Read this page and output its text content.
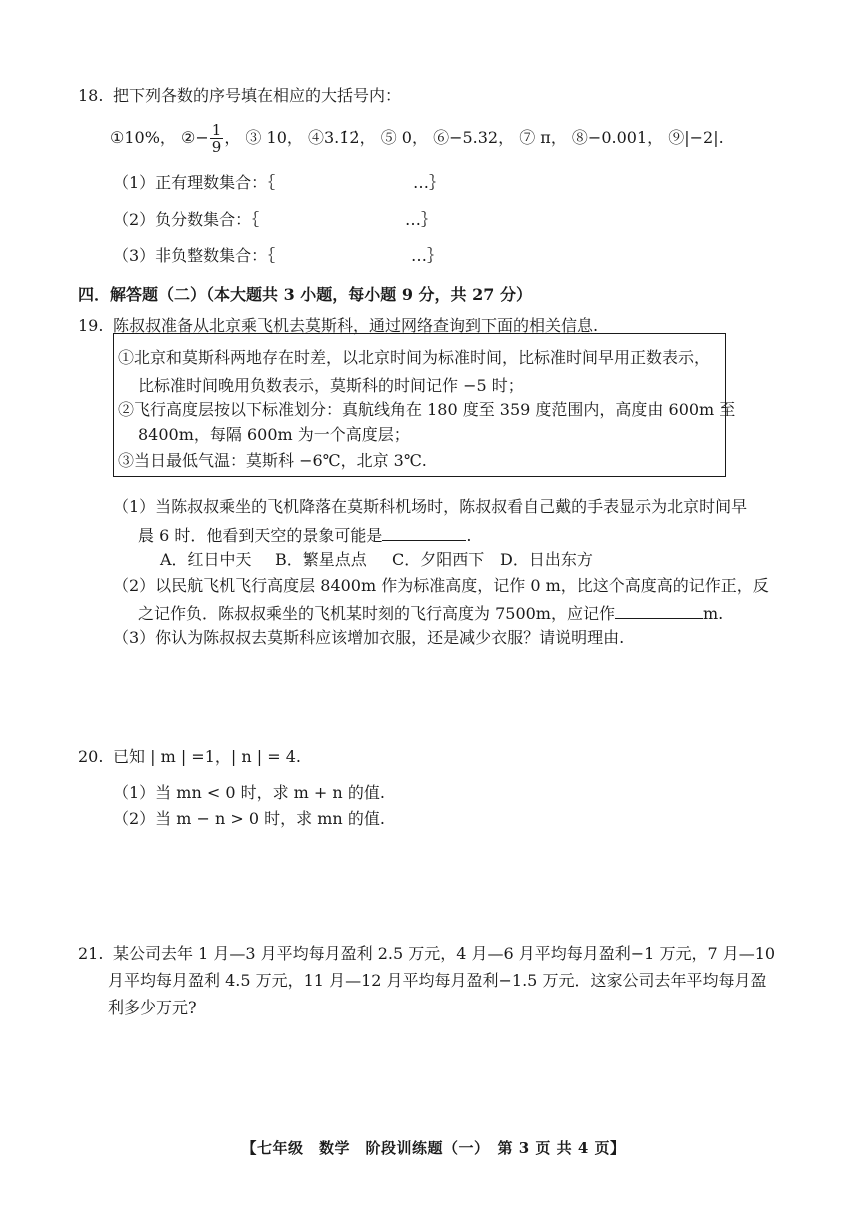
18. 把下列各数的序号填在相应的大括号内：
①10%， ②− $\frac{1}{9}$ ， ③ 10， ④3.1̇2̇， ⑤ 0， ⑥−5.32， ⑦ π， ⑧−0.001， ⑨|−2|.
（1）正有理数集合：｛	…｝
（2）负分数集合：｛	…｝
（3）非负整数集合：｛	…｝
四．解答题（二）（本大题共 3 小题，每小题 9 分，共 27 分）
19. 陈叔叔准备从北京乘飞机去莫斯科，通过网络查询到下面的相关信息.
①北京和莫斯科两地存在时差，以北京时间为标准时间，比标准时间早用正数表示，
比标准时间晚用负数表示，莫斯科的时间记作 −5 时；
②飞行高度层按以下标准划分：真航线角在 180 度至 359 度范围内，高度由 600m 至
8400m，每隔 600m 为一个高度层；
③当日最低气温：莫斯科 −6℃，北京 3℃.
（1）当陈叔叔乘坐的飞机降落在莫斯科机场时，陈叔叔看自己戴的手表显示为北京时间早
晨 6 时．他看到天空的景象可能是	.
A．红日中天 B．繁星点点 C．夕阳西下 D．日出东方
（2）以民航飞机飞行高度层 8400m 作为标准高度，记作 0 m，比这个高度高的记作正，反
之记作负．陈叔叔乘坐的飞机某时刻的飞行高度为 7500m，应记作	m.
（3）你认为陈叔叔去莫斯科应该增加衣服，还是减少衣服？请说明理由.
20. 已知 | m | =1，| n | = 4.
（1）当 mn < 0 时，求 m + n 的值.
（2）当 m − n > 0 时，求 mn 的值.
21. 某公司去年 1 月—3 月平均每月盈利 2.5 万元，4 月—6 月平均每月盈利−1 万元，7 月—10
月平均每月盈利 4.5 万元，11 月—12 月平均每月盈利−1.5 万元．这家公司去年平均每月盈
利多少万元?
【七年级　数学　阶段训练题（一）　第 3 页 共 4 页】
